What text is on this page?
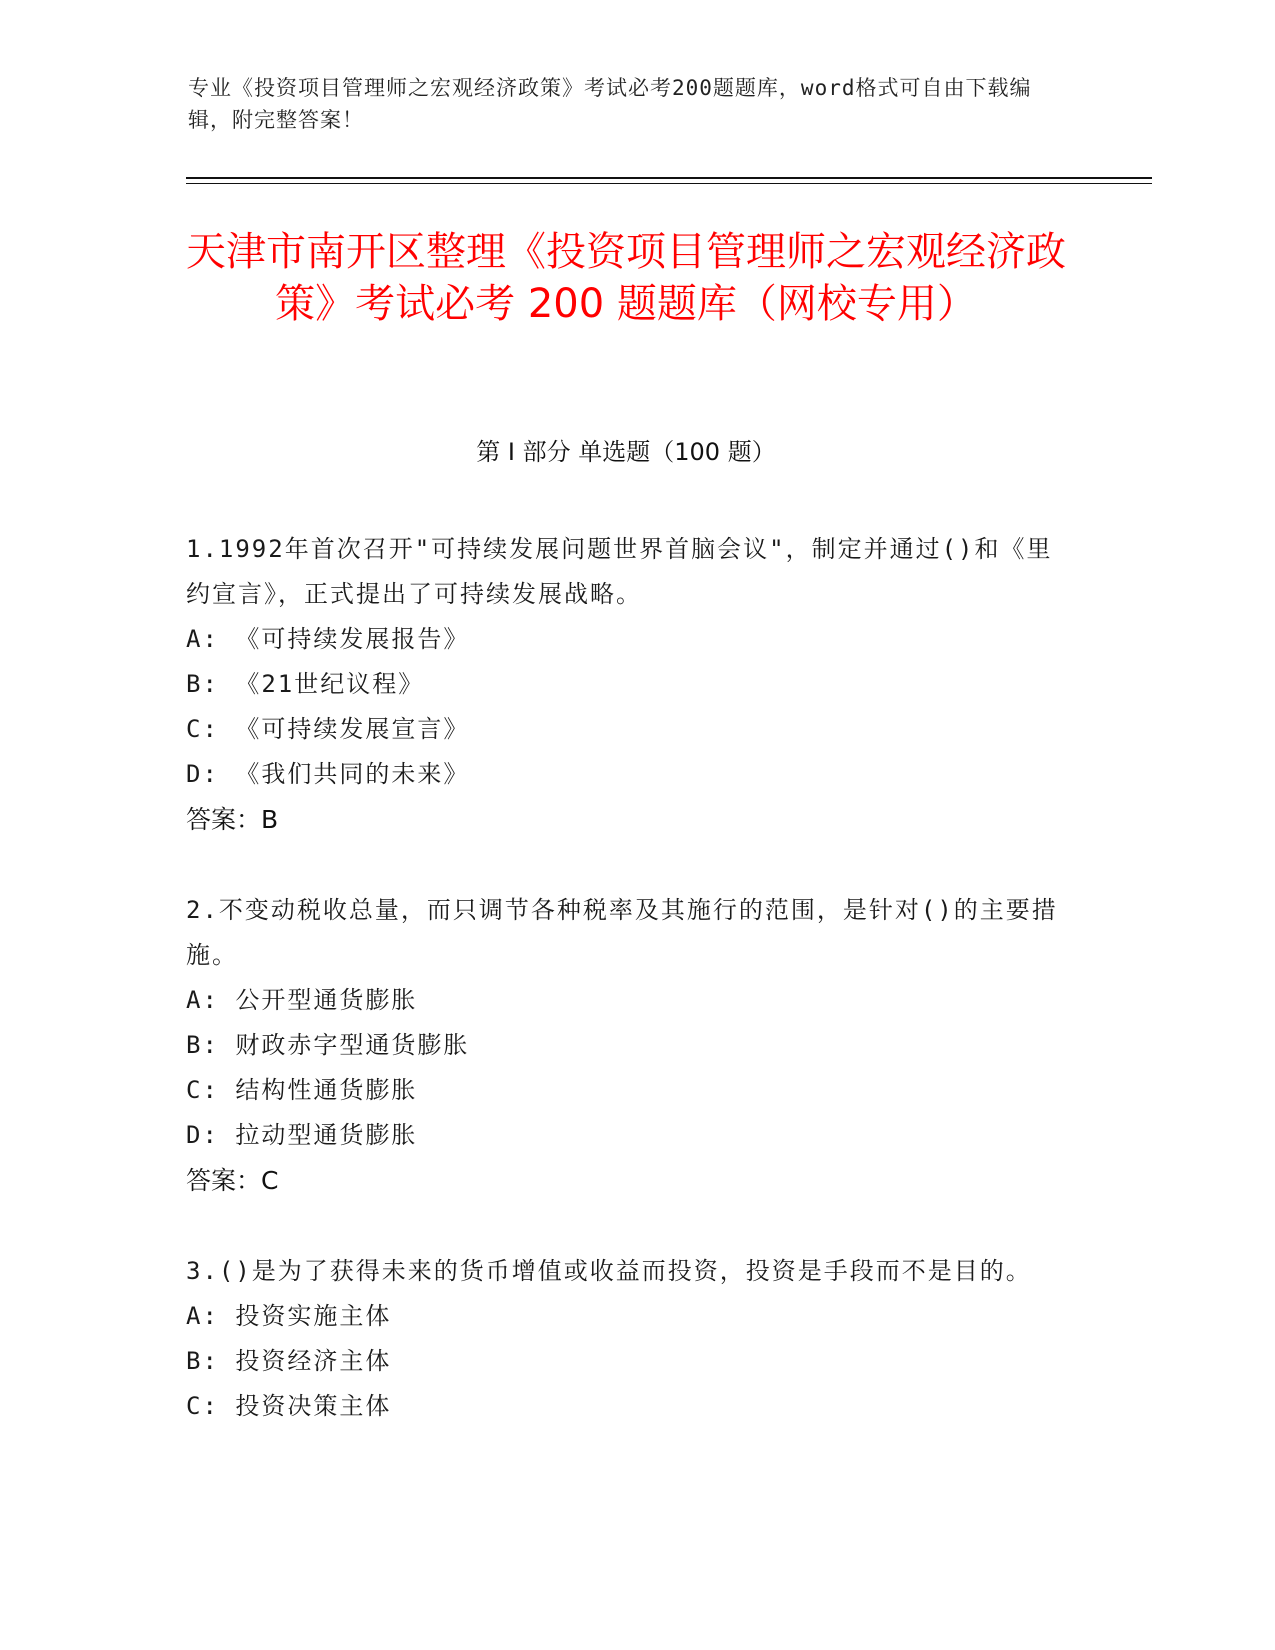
专业《投资项目管理师之宏观经济政策》考试必考200题题库，word格式可自由下载编辑，附完整答案！
天津市南开区整理《投资项目管理师之宏观经济政策》考试必考 200 题题库（网校专用）
第 I 部分 单选题（100 题）
1.1992年首次召开"可持续发展问题世界首脑会议"，制定并通过()和《里约宣言》，正式提出了可持续发展战略。
A: 《可持续发展报告》
B: 《21世纪议程》
C: 《可持续发展宣言》
D: 《我们共同的未来》
答案：B
2.不变动税收总量，而只调节各种税率及其施行的范围，是针对()的主要措施。
A: 公开型通货膨胀
B: 财政赤字型通货膨胀
C: 结构性通货膨胀
D: 拉动型通货膨胀
答案：C
3.()是为了获得未来的货币增值或收益而投资，投资是手段而不是目的。
A: 投资实施主体
B: 投资经济主体
C: 投资决策主体
